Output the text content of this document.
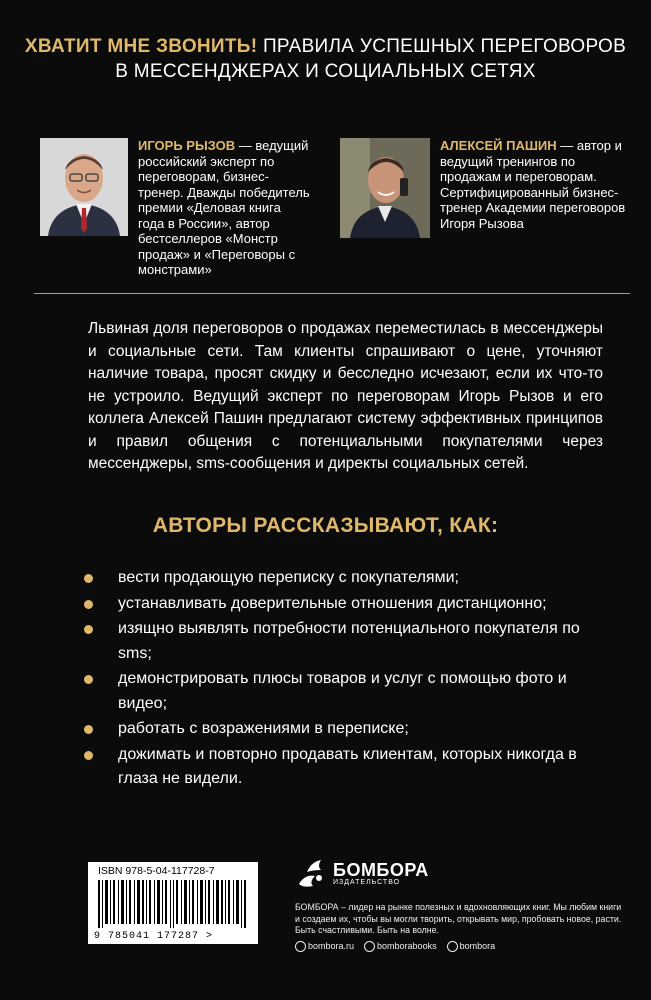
ХВАТИТ МНЕ ЗВОНИТЬ! ПРАВИЛА УСПЕШНЫХ ПЕРЕГОВОРОВ
В МЕССЕНДЖЕРАХ И СОЦИАЛЬНЫХ СЕТЯХ
ИГОРЬ РЫЗОВ — ведущий российский эксперт по переговорам, бизнес-тренер. Дважды победитель премии «Деловая книга года в России», автор бестселлеров «Монстр продаж» и «Переговоры с монстрами»
АЛЕКСЕЙ ПАШИН — автор и ведущий тренингов по продажам и переговорам. Сертифицированный бизнес-тренер Академии переговоров Игоря Рызова
Львиная доля переговоров о продажах переместилась в мессенджеры и социальные сети. Там клиенты спрашивают о цене, уточняют наличие товара, просят скидку и бесследно исчезают, если их что-то не устроило. Ведущий эксперт по переговорам Игорь Рызов и его коллега Алексей Пашин предлагают систему эффективных принципов и правил общения с потенциальными покупателями через мессенджеры, sms-сообщения и директы социальных сетей.
АВТОРЫ РАССКАЗЫВАЮТ, КАК:
вести продающую переписку с покупателями;
устанавливать доверительные отношения дистанционно;
изящно выявлять потребности потенциального покупателя по sms;
демонстрировать плюсы товаров и услуг с помощью фото и видео;
работать с возражениями в переписке;
дожимать и повторно продавать клиентам, которых никогда в глаза не видели.
ISBN 978-5-04-117728-7
9 785041 177287 >
БОМБОРА
ИЗДАТЕЛЬСТВО
БОМБОРА – лидер на рынке полезных и вдохновляющих книг. Мы любим книги и создаем их, чтобы вы могли творить, открывать мир, пробовать новое, расти. Быть счастливыми. Быть на волне.
bombora.ru	bomborabooks	bombora
